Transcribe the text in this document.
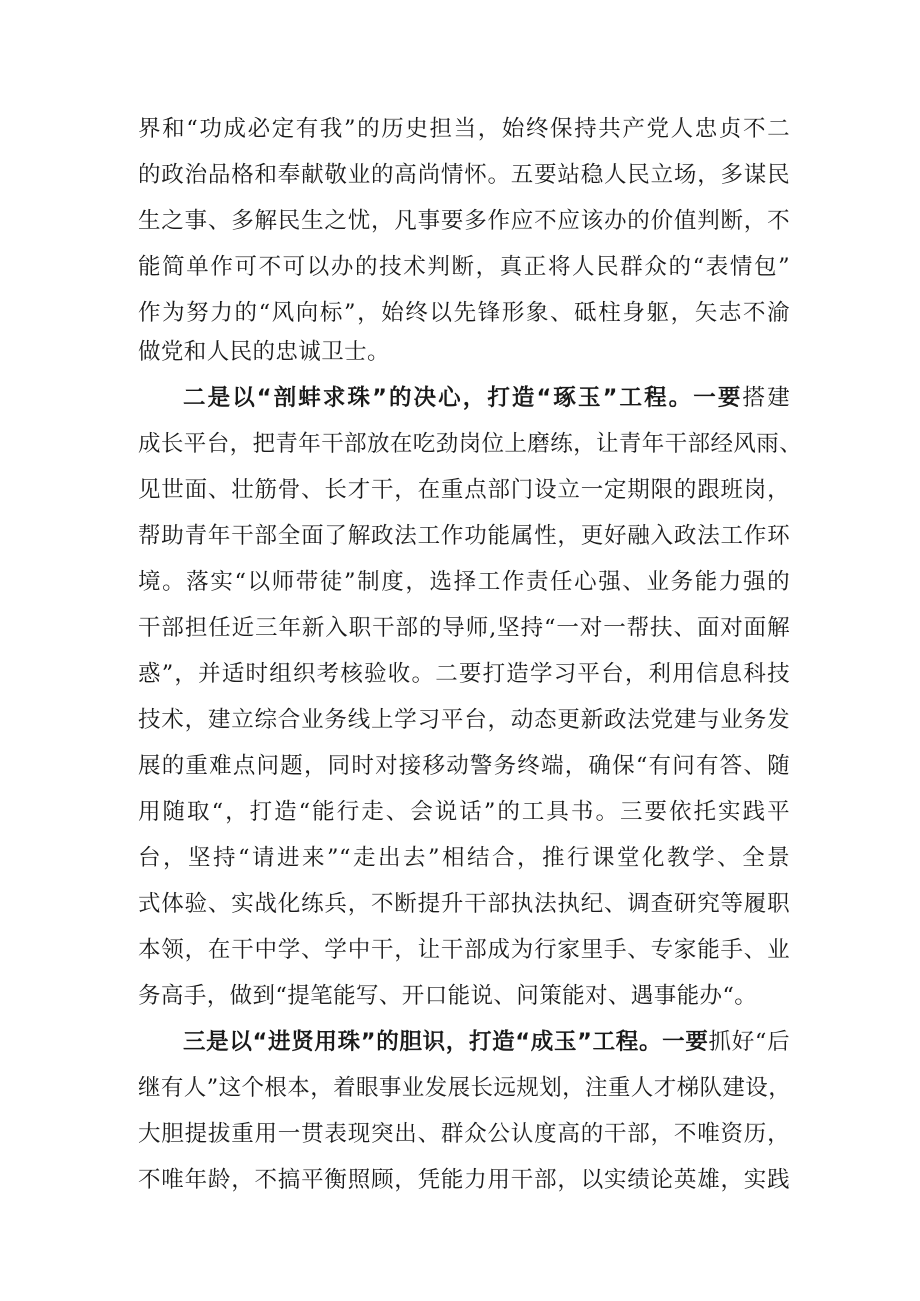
界和“功成必定有我”的历史担当，始终保持共产党人忠贞不二
的政治品格和奉献敬业的高尚情怀。五要站稳人民立场，多谋民
生之事、多解民生之忧，凡事要多作应不应该办的价值判断，不
能简单作可不可以办的技术判断，真正将人民群众的“表情包”
作为努力的“风向标”，始终以先锋形象、砥柱身躯，矢志不渝
做党和人民的忠诚卫士。
二是以“剖蚌求珠”的决心，打造“琢玉”工程。一要搭建
成长平台，把青年干部放在吃劲岗位上磨练，让青年干部经风雨、
见世面、壮筋骨、长才干，在重点部门设立一定期限的跟班岗，
帮助青年干部全面了解政法工作功能属性，更好融入政法工作环
境。落实“以师带徒”制度，选择工作责任心强、业务能力强的
干部担任近三年新入职干部的导师,坚持“一对一帮扶、面对面解
惑”，并适时组织考核验收。二要打造学习平台，利用信息科技
技术，建立综合业务线上学习平台，动态更新政法党建与业务发
展的重难点问题，同时对接移动警务终端，确保“有问有答、随
用随取“，打造“能行走、会说话”的工具书。三要依托实践平
台，坚持“请进来”“走出去”相结合，推行课堂化教学、全景
式体验、实战化练兵，不断提升干部执法执纪、调查研究等履职
本领，在干中学、学中干，让干部成为行家里手、专家能手、业
务高手，做到“提笔能写、开口能说、问策能对、遇事能办“。
三是以“进贤用珠”的胆识，打造“成玉”工程。一要抓好“后
继有人”这个根本，着眼事业发展长远规划，注重人才梯队建设，
大胆提拔重用一贯表现突出、群众公认度高的干部，不唯资历，
不唯年龄，不搞平衡照顾，凭能力用干部，以实绩论英雄，实践
